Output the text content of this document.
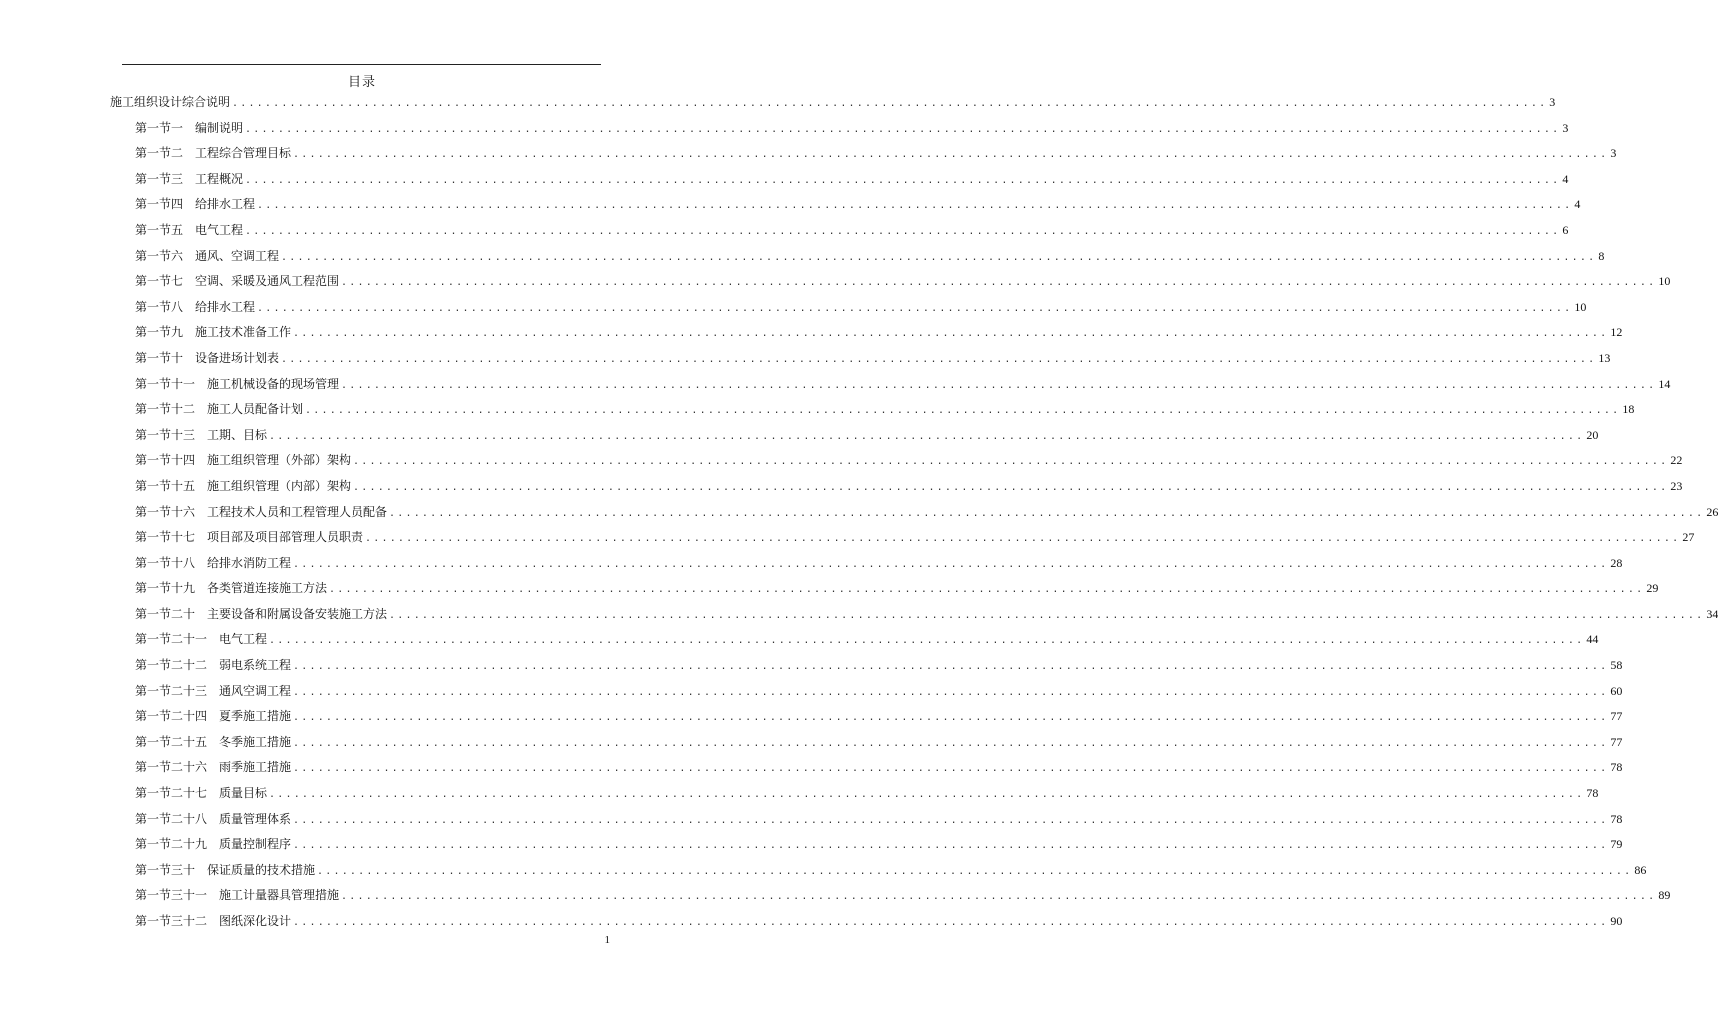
目录
施工组织设计综合说明 ................................................................................................................................................................ 3
第一节一 编制说明 ................................................................................................................................................................ 3
第一节二 工程综合管理目标 ................................................................................................................................................................ 3
第一节三 工程概况 ................................................................................................................................................................ 4
第一节四 给排水工程 ................................................................................................................................................................ 4
第一节五 电气工程 ................................................................................................................................................................ 6
第一节六 通风、空调工程 ................................................................................................................................................................ 8
第一节七 空调、采暖及通风工程范围 ................................................................................................................................................................ 10
第一节八 给排水工程 ................................................................................................................................................................ 10
第一节九 施工技术准备工作 ................................................................................................................................................................ 12
第一节十 设备进场计划表 ................................................................................................................................................................ 13
第一节十一 施工机械设备的现场管理 ................................................................................................................................................................ 14
第一节十二 施工人员配备计划 ................................................................................................................................................................ 18
第一节十三 工期、目标 ................................................................................................................................................................ 20
第一节十四 施工组织管理（外部）架构 ................................................................................................................................................................ 22
第一节十五 施工组织管理（内部）架构 ................................................................................................................................................................ 23
第一节十六 工程技术人员和工程管理人员配备 ................................................................................................................................................................ 26
第一节十七 项目部及项目部管理人员职责 ................................................................................................................................................................ 27
第一节十八 给排水消防工程 ................................................................................................................................................................ 28
第一节十九 各类管道连接施工方法 ................................................................................................................................................................ 29
第一节二十 主要设备和附属设备安装施工方法 ................................................................................................................................................................ 34
第一节二十一 电气工程 ................................................................................................................................................................ 44
第一节二十二 弱电系统工程 ................................................................................................................................................................ 58
第一节二十三 通风空调工程 ................................................................................................................................................................ 60
第一节二十四 夏季施工措施 ................................................................................................................................................................ 77
第一节二十五 冬季施工措施 ................................................................................................................................................................ 77
第一节二十六 雨季施工措施 ................................................................................................................................................................ 78
第一节二十七 质量目标 ................................................................................................................................................................ 78
第一节二十八 质量管理体系 ................................................................................................................................................................ 78
第一节二十九 质量控制程序 ................................................................................................................................................................ 79
第一节三十 保证质量的技术措施 ................................................................................................................................................................ 86
第一节三十一 施工计量器具管理措施 ................................................................................................................................................................ 89
第一节三十二 图纸深化设计 ................................................................................................................................................................ 90
1
